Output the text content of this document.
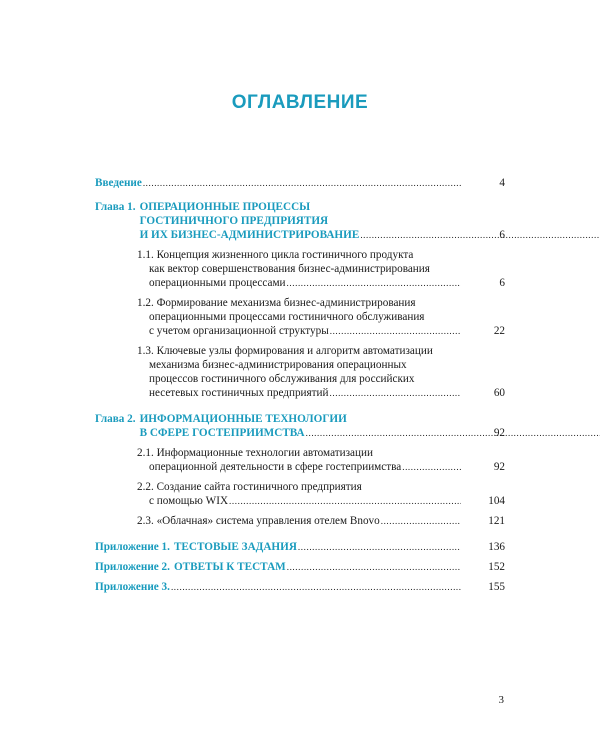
ОГЛАВЛЕНИЕ
Введение .....	4
Глава 1. ОПЕРАЦИОННЫЕ ПРОЦЕССЫ
ГОСТИНИЧНОГО ПРЕДПРИЯТИЯ
И ИХ БИЗНЕС-АДМИНИСТРИРОВАНИЕ .....	6
1.1. Концепция жизненного цикла гостиничного продукта
как вектор совершенствования бизнес-администрирования
операционными процессами .....	6
1.2. Формирование механизма бизнес-администрирования
операционными процессами гостиничного обслуживания
с учетом организационной структуры .....	22
1.3. Ключевые узлы формирования и алгоритм автоматизации
механизма бизнес-администрирования операционных
процессов гостиничного обслуживания для российских
несетевых гостиничных предприятий .....	60
Глава 2. ИНФОРМАЦИОННЫЕ ТЕХНОЛОГИИ
В СФЕРЕ ГОСТЕПРИИМСТВА .....	92
2.1. Информационные технологии автоматизации
операционной деятельности в сфере гостеприимства .....	92
2.2. Создание сайта гостиничного предприятия
с помощью WIX .....	104
2.3. «Облачная» система управления отелем Bnovo .....	121
Приложение 1. ТЕСТОВЫЕ ЗАДАНИЯ .....	136
Приложение 2. ОТВЕТЫ К ТЕСТАМ .....	152
Приложение 3. .....	155
3
